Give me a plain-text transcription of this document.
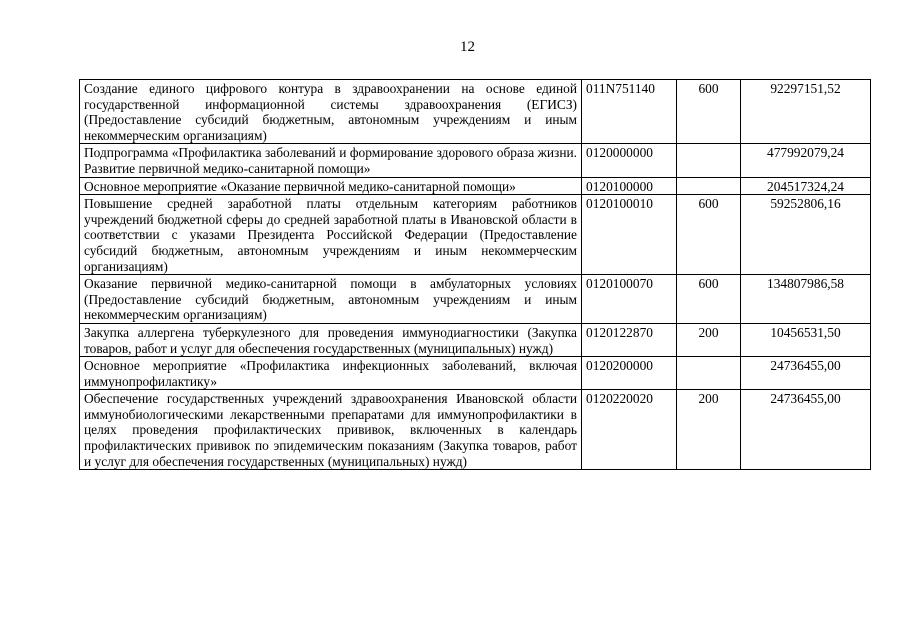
12
Создание единого цифрового контура в здравоохранении на основе единой государственной информационной системы здравоохранения (ЕГИСЗ) (Предоставление субсидий бюджетным, автономным учреждениям и иным некоммерческим организациям)	011N751140	600	92297151,52
Подпрограмма «Профилактика заболеваний и формирование здорового образа жизни. Развитие первичной медико-санитарной помощи»	0120000000		477992079,24
Основное мероприятие «Оказание первичной медико-санитарной помощи»	0120100000		204517324,24
Повышение средней заработной платы отдельным категориям работников учреждений бюджетной сферы до средней заработной платы в Ивановской области в соответствии с указами Президента Российской Федерации (Предоставление субсидий бюджетным, автономным учреждениям и иным некоммерческим организациям)	0120100010	600	59252806,16
Оказание первичной медико-санитарной помощи в амбулаторных условиях (Предоставление субсидий бюджетным, автономным учреждениям и иным некоммерческим организациям)	0120100070	600	134807986,58
Закупка аллергена туберкулезного для проведения иммунодиагностики (Закупка товаров, работ и услуг для обеспечения государственных (муниципальных) нужд)	0120122870	200	10456531,50
Основное мероприятие «Профилактика инфекционных заболеваний, включая иммунопрофилактику»	0120200000		24736455,00
Обеспечение государственных учреждений здравоохранения Ивановской области иммунобиологическими лекарственными препаратами для иммунопрофилактики в целях проведения профилактических прививок, включенных в календарь профилактических прививок по эпидемическим показаниям (Закупка товаров, работ и услуг для обеспечения государственных (муниципальных) нужд)	0120220020	200	24736455,00
